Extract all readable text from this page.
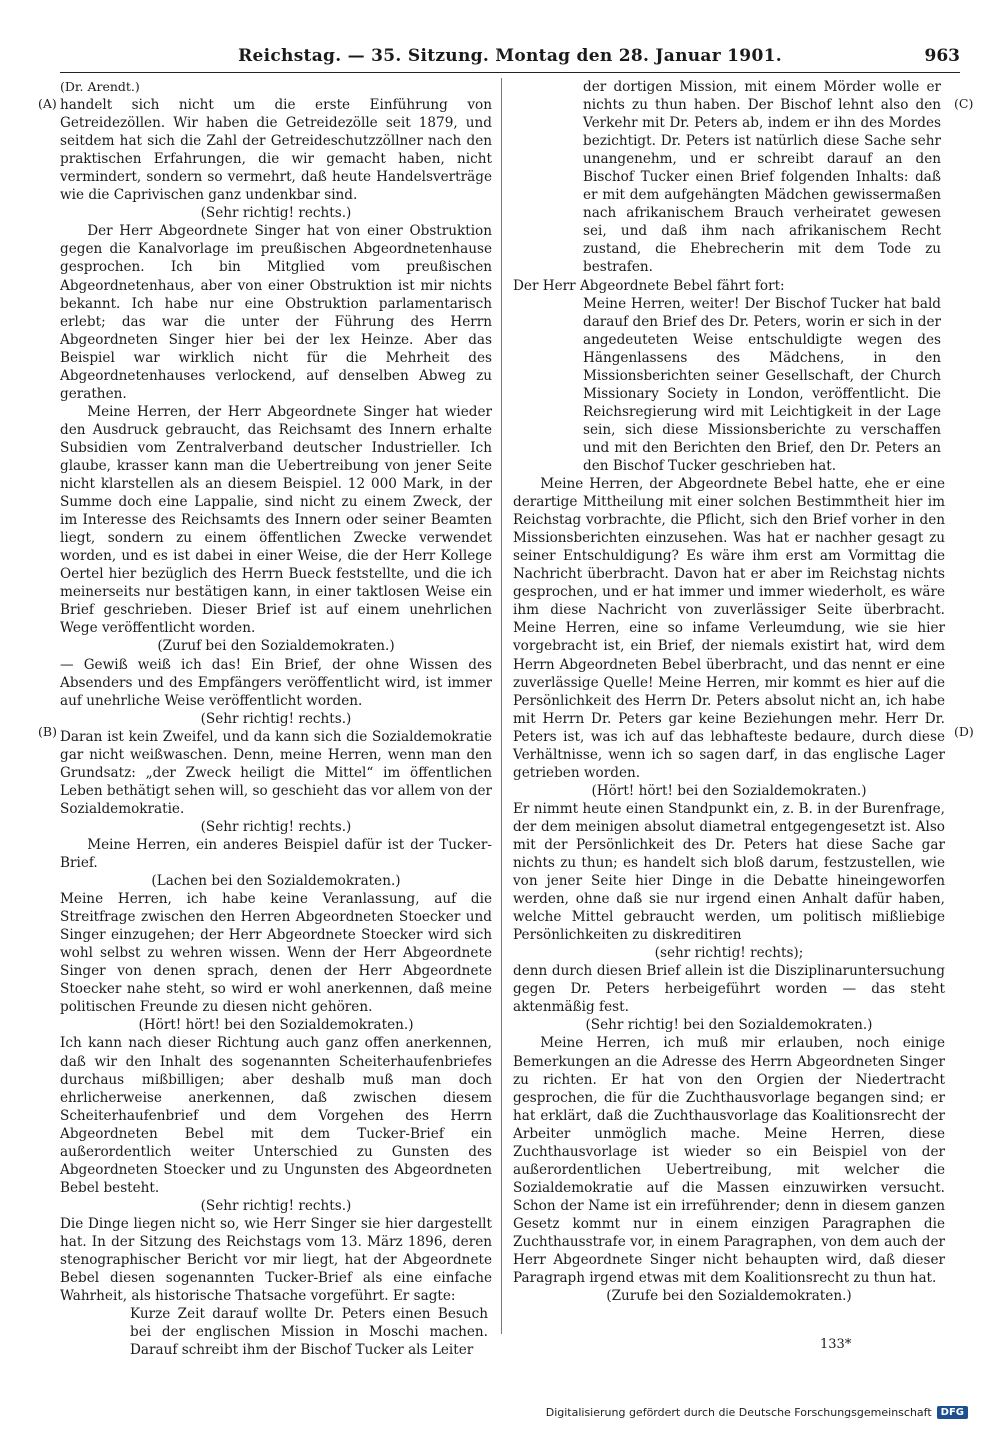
Reichstag. — 35. Sitzung. Montag den 28. Januar 1901.	963
(A)
(B)
(C)
(D)

(Dr. Arendt.)

handelt sich nicht um die erste Einführung von Getreidezöllen. Wir haben die Getreidezölle seit 1879, und seitdem hat sich die Zahl der Getreideschutzzöllner nach den praktischen Erfahrungen, die wir gemacht haben, nicht vermindert, sondern so vermehrt, daß heute Handelsverträge wie die Caprivischen ganz undenkbar sind.

(Sehr richtig! rechts.)

Der Herr Abgeordnete Singer hat von einer Obstruktion gegen die Kanalvorlage im preußischen Abgeordnetenhause gesprochen. Ich bin Mitglied vom preußischen Abgeordnetenhaus, aber von einer Obstruktion ist mir nichts bekannt. Ich habe nur eine Obstruktion parlamentarisch erlebt; das war die unter der Führung des Herrn Abgeordneten Singer hier bei der lex Heinze. Aber das Beispiel war wirklich nicht für die Mehrheit des Abgeordnetenhauses verlockend, auf denselben Abweg zu gerathen.

Meine Herren, der Herr Abgeordnete Singer hat wieder den Ausdruck gebraucht, das Reichsamt des Innern erhalte Subsidien vom Zentralverband deutscher Industrieller. Ich glaube, krasser kann man die Uebertreibung von jener Seite nicht klarstellen als an diesem Beispiel. 12 000 Mark, in der Summe doch eine Lappalie, sind nicht zu einem Zweck, der im Interesse des Reichsamts des Innern oder seiner Beamten liegt, sondern zu einem öffentlichen Zwecke verwendet worden, und es ist dabei in einer Weise, die der Herr Kollege Oertel hier bezüglich des Herrn Bueck feststellte, und die ich meinerseits nur bestätigen kann, in einer taktlosen Weise ein Brief geschrieben. Dieser Brief ist auf einem unehrlichen Wege veröffentlicht worden.

(Zuruf bei den Sozialdemokraten.)

— Gewiß weiß ich das! Ein Brief, der ohne Wissen des Absenders und des Empfängers veröffentlicht wird, ist immer auf unehrliche Weise veröffentlicht worden.

(Sehr richtig! rechts.)

Daran ist kein Zweifel, und da kann sich die Sozialdemokratie gar nicht weißwaschen. Denn, meine Herren, wenn man den Grundsatz: „der Zweck heiligt die Mittel“ im öffentlichen Leben bethätigt sehen will, so geschieht das vor allem von der Sozialdemokratie.

(Sehr richtig! rechts.)

Meine Herren, ein anderes Beispiel dafür ist der Tucker-Brief.

(Lachen bei den Sozialdemokraten.)

Meine Herren, ich habe keine Veranlassung, auf die Streitfrage zwischen den Herren Abgeordneten Stoecker und Singer einzugehen; der Herr Abgeordnete Stoecker wird sich wohl selbst zu wehren wissen. Wenn der Herr Abgeordnete Singer von denen sprach, denen der Herr Abgeordnete Stoecker nahe steht, so wird er wohl anerkennen, daß meine politischen Freunde zu diesen nicht gehören.

(Hört! hört! bei den Sozialdemokraten.)

Ich kann nach dieser Richtung auch ganz offen anerkennen, daß wir den Inhalt des sogenannten Scheiterhaufenbriefes durchaus mißbilligen; aber deshalb muß man doch ehrlicherweise anerkennen, daß zwischen diesem Scheiterhaufenbrief und dem Vorgehen des Herrn Abgeordneten Bebel mit dem Tucker-Brief ein außerordentlich weiter Unterschied zu Gunsten des Abgeordneten Stoecker und zu Ungunsten des Abgeordneten Bebel besteht.

(Sehr richtig! rechts.)

Die Dinge liegen nicht so, wie Herr Singer sie hier dargestellt hat. In der Sitzung des Reichstags vom 13. März 1896, deren stenographischer Bericht vor mir liegt, hat der Abgeordnete Bebel diesen sogenannten Tucker-Brief als eine einfache Wahrheit, als historische Thatsache vorgeführt. Er sagte:

Kurze Zeit darauf wollte Dr. Peters einen Besuch bei der englischen Mission in Moschi machen. Darauf schreibt ihm der Bischof Tucker als Leiter

der dortigen Mission, mit einem Mörder wolle er nichts zu thun haben. Der Bischof lehnt also den Verkehr mit Dr. Peters ab, indem er ihn des Mordes bezichtigt. Dr. Peters ist natürlich diese Sache sehr unangenehm, und er schreibt darauf an den Bischof Tucker einen Brief folgenden Inhalts: daß er mit dem aufgehängten Mädchen gewissermaßen nach afrikanischem Brauch verheiratet gewesen sei, und daß ihm nach afrikanischem Recht zustand, die Ehebrecherin mit dem Tode zu bestrafen.

Der Herr Abgeordnete Bebel fährt fort:

Meine Herren, weiter! Der Bischof Tucker hat bald darauf den Brief des Dr. Peters, worin er sich in der angedeuteten Weise entschuldigte wegen des Hängenlassens des Mädchens, in den Missionsberichten seiner Gesellschaft, der Church Missionary Society in London, veröffentlicht. Die Reichsregierung wird mit Leichtigkeit in der Lage sein, sich diese Missionsberichte zu verschaffen und mit den Berichten den Brief, den Dr. Peters an den Bischof Tucker geschrieben hat.

Meine Herren, der Abgeordnete Bebel hatte, ehe er eine derartige Mittheilung mit einer solchen Bestimmtheit hier im Reichstag vorbrachte, die Pflicht, sich den Brief vorher in den Missionsberichten einzusehen. Was hat er nachher gesagt zu seiner Entschuldigung? Es wäre ihm erst am Vormittag die Nachricht überbracht. Davon hat er aber im Reichstag nichts gesprochen, und er hat immer und immer wiederholt, es wäre ihm diese Nachricht von zuverlässiger Seite überbracht. Meine Herren, eine so infame Verleumdung, wie sie hier vorgebracht ist, ein Brief, der niemals existirt hat, wird dem Herrn Abgeordneten Bebel überbracht, und das nennt er eine zuverlässige Quelle! Meine Herren, mir kommt es hier auf die Persönlichkeit des Herrn Dr. Peters absolut nicht an, ich habe mit Herrn Dr. Peters gar keine Beziehungen mehr. Herr Dr. Peters ist, was ich auf das lebhafteste bedaure, durch diese Verhältnisse, wenn ich so sagen darf, in das englische Lager getrieben worden.

(Hört! hört! bei den Sozialdemokraten.)

Er nimmt heute einen Standpunkt ein, z. B. in der Burenfrage, der dem meinigen absolut diametral entgegengesetzt ist. Also mit der Persönlichkeit des Dr. Peters hat diese Sache gar nichts zu thun; es handelt sich bloß darum, festzustellen, wie von jener Seite hier Dinge in die Debatte hineingeworfen werden, ohne daß sie nur irgend einen Anhalt dafür haben, welche Mittel gebraucht werden, um politisch mißliebige Persönlichkeiten zu diskreditiren

(sehr richtig! rechts);

denn durch diesen Brief allein ist die Disziplinaruntersuchung gegen Dr. Peters herbeigeführt worden — das steht aktenmäßig fest.

(Sehr richtig! bei den Sozialdemokraten.)

Meine Herren, ich muß mir erlauben, noch einige Bemerkungen an die Adresse des Herrn Abgeordneten Singer zu richten. Er hat von den Orgien der Niedertracht gesprochen, die für die Zuchthausvorlage begangen sind; er hat erklärt, daß die Zuchthausvorlage das Koalitionsrecht der Arbeiter unmöglich mache. Meine Herren, diese Zuchthausvorlage ist wieder so ein Beispiel von der außerordentlichen Uebertreibung, mit welcher die Sozialdemokratie auf die Massen einzuwirken versucht. Schon der Name ist ein irreführender; denn in diesem ganzen Gesetz kommt nur in einem einzigen Paragraphen die Zuchthausstrafe vor, in einem Paragraphen, von dem auch der Herr Abgeordnete Singer nicht behaupten wird, daß dieser Paragraph irgend etwas mit dem Koalitionsrecht zu thun hat.

(Zurufe bei den Sozialdemokraten.)

133*
Digitalisierung gefördert durch die Deutsche Forschungsgemeinschaft DFG
